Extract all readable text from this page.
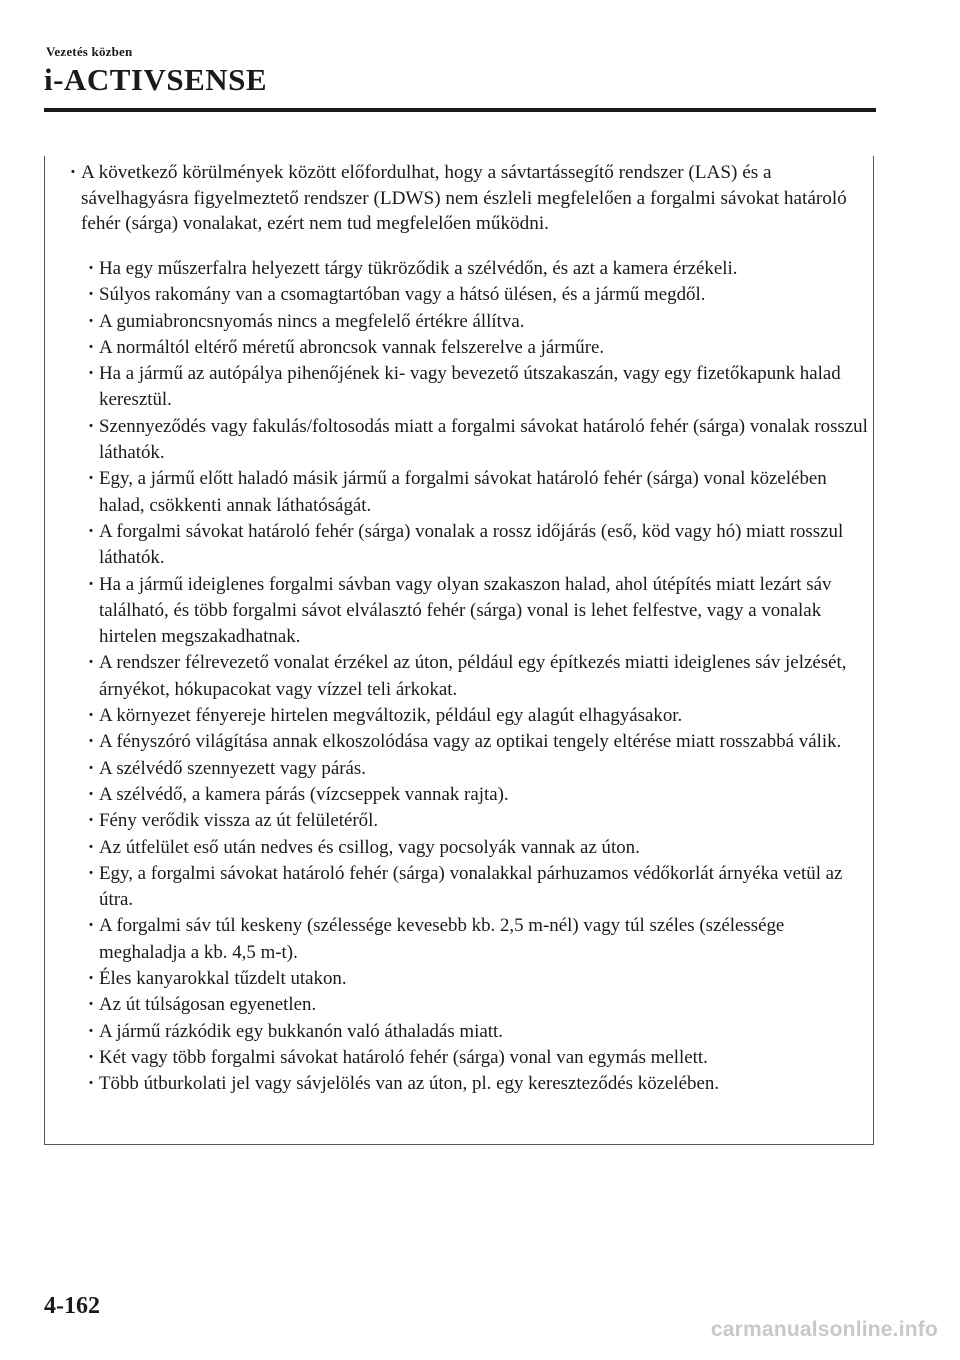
Vezetés közben
i-ACTIVSENSE
· A következő körülmények között előfordulhat, hogy a sávtartássegítő rendszer (LAS) és a sávelhagyásra figyelmeztető rendszer (LDWS) nem észleli megfelelően a forgalmi sávokat határoló fehér (sárga) vonalakat, ezért nem tud megfelelően működni.
· Ha egy műszerfalra helyezett tárgy tükröződik a szélvédőn, és azt a kamera érzékeli.
· Súlyos rakomány van a csomagtartóban vagy a hátsó ülésen, és a jármű megdől.
· A gumiabroncsnyomás nincs a megfelelő értékre állítva.
· A normáltól eltérő méretű abroncsok vannak felszerelve a járműre.
· Ha a jármű az autópálya pihenőjének ki- vagy bevezető útszakaszán, vagy egy fizetőkapunk halad keresztül.
· Szennyeződés vagy fakulás/foltosodás miatt a forgalmi sávokat határoló fehér (sárga) vonalak rosszul láthatók.
· Egy, a jármű előtt haladó másik jármű a forgalmi sávokat határoló fehér (sárga) vonal közelében halad, csökkenti annak láthatóságát.
· A forgalmi sávokat határoló fehér (sárga) vonalak a rossz időjárás (eső, köd vagy hó) miatt rosszul láthatók.
· Ha a jármű ideiglenes forgalmi sávban vagy olyan szakaszon halad, ahol útépítés miatt lezárt sáv található, és több forgalmi sávot elválasztó fehér (sárga) vonal is lehet felfestve, vagy a vonalak hirtelen megszakadhatnak.
· A rendszer félrevezető vonalat érzékel az úton, például egy építkezés miatti ideiglenes sáv jelzését, árnyékot, hókupacokat vagy vízzel teli árkokat.
· A környezet fényereje hirtelen megváltozik, például egy alagút elhagyásakor.
· A fényszóró világítása annak elkoszolódása vagy az optikai tengely eltérése miatt rosszabbá válik.
· A szélvédő szennyezett vagy párás.
· A szélvédő, a kamera párás (vízcseppek vannak rajta).
· Fény verődik vissza az út felületéről.
· Az útfelület eső után nedves és csillog, vagy pocsolyák vannak az úton.
· Egy, a forgalmi sávokat határoló fehér (sárga) vonalakkal párhuzamos védőkorlát árnyéka vetül az útra.
· A forgalmi sáv túl keskeny (szélessége kevesebb kb. 2,5 m-nél) vagy túl széles (szélessége meghaladja a kb. 4,5 m-t).
· Éles kanyarokkal tűzdelt utakon.
· Az út túlságosan egyenetlen.
· A jármű rázkódik egy bukkanón való áthaladás miatt.
· Két vagy több forgalmi sávokat határoló fehér (sárga) vonal van egymás mellett.
· Több útburkolati jel vagy sávjelölés van az úton, pl. egy kereszteződés közelében.
4-162
carmanualsonline.info
